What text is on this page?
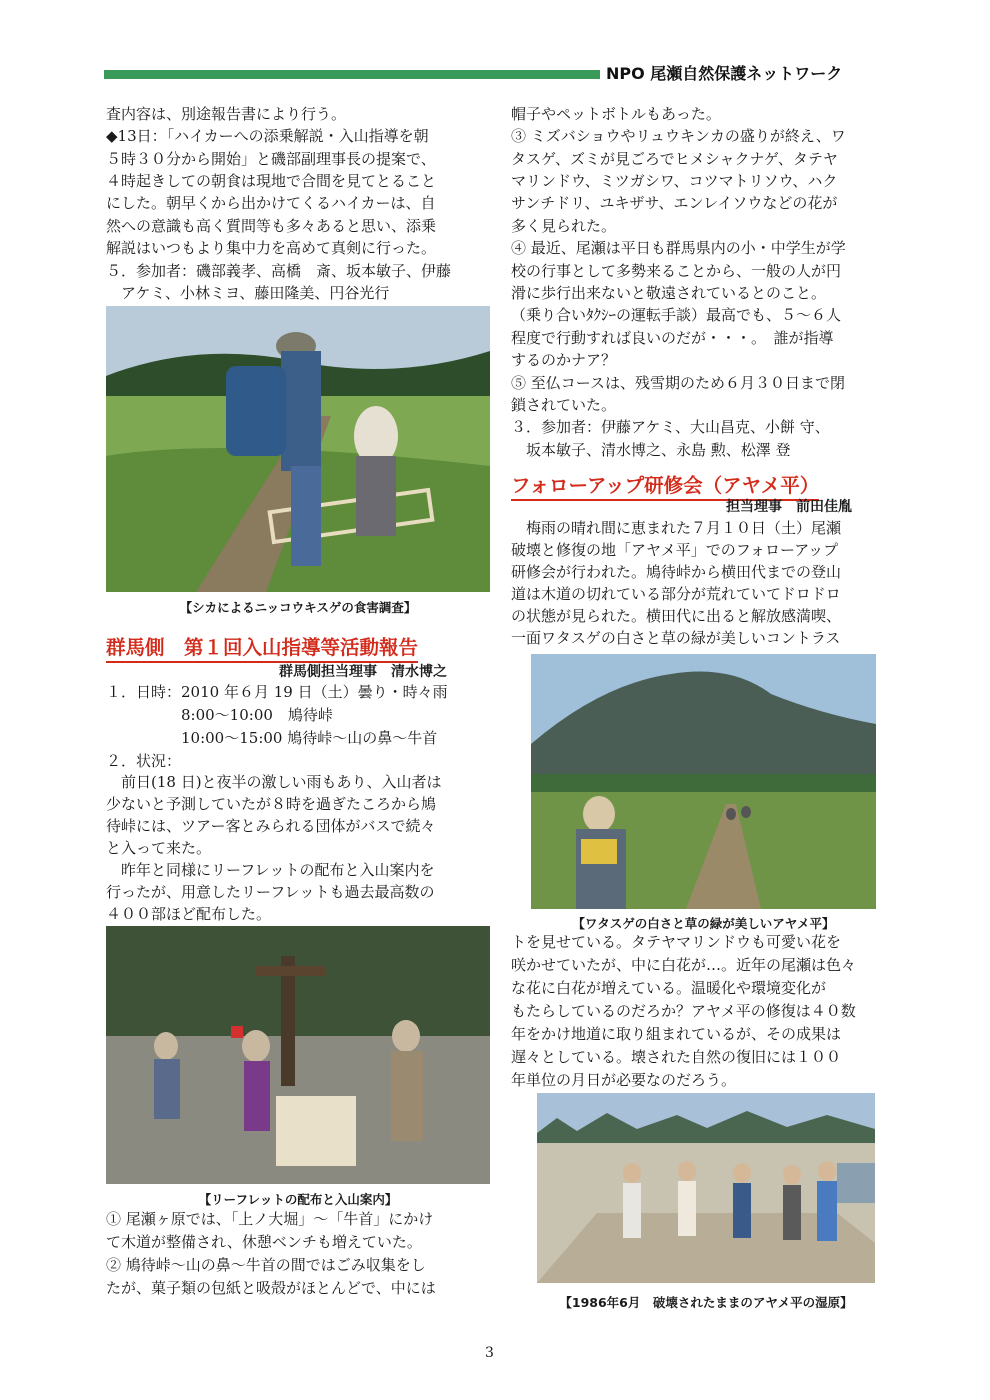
NPO 尾瀬自然保護ネットワーク
査内容は、別途報告書により行う。
◆13日：「ハイカーへの添乗解説・入山指導を朝
５時３０分から開始」と磯部副理事長の提案で、
４時起きしての朝食は現地で合間を見てとること
にした。朝早くから出かけてくるハイカーは、自
然への意識も高く質問等も多々あると思い、添乗
解説はいつもより集中力を高めて真剣に行った。
５．参加者：磯部義孝、高橋　斎、坂本敏子、伊藤
　アケミ、小林ミヨ、藤田隆美、円谷光行
【シカによるニッコウキスゲの食害調査】
群馬側　第１回入山指導等活動報告
群馬側担当理事　清水博之
１．日時：2010 年６月 19 日（土）曇り・時々雨
　　　　　8:00～10:00　鳩待峠
　　　　　10:00～15:00 鳩待峠～山の鼻～牛首
２．状況：
　前日(18 日)と夜半の激しい雨もあり、入山者は
少ないと予測していたが８時を過ぎたころから鳩
待峠には、ツアー客とみられる団体がバスで続々
と入って来た。
　昨年と同様にリーフレットの配布と入山案内を
行ったが、用意したリーフレットも過去最高数の
４００部ほど配布した。
【リーフレットの配布と入山案内】
① 尾瀬ヶ原では、「上ノ大堀」～「牛首」にかけ
て木道が整備され、休憩ベンチも増えていた。
② 鳩待峠～山の鼻～牛首の間ではごみ収集をし
たが、菓子類の包紙と吸殻がほとんどで、中には
帽子やペットボトルもあった。
③ ミズバショウやリュウキンカの盛りが終え、ワ
タスゲ、ズミが見ごろでヒメシャクナゲ、タテヤ
マリンドウ、ミツガシワ、コツマトリソウ、ハク
サンチドリ、ユキザサ、エンレイソウなどの花が
多く見られた。
④ 最近、尾瀬は平日も群馬県内の小・中学生が学
校の行事として多勢来ることから、一般の人が円
滑に歩行出来ないと敬遠されているとのこと。
（乗り合いﾀｸｼｰの運転手談）最高でも、５～６人
程度で行動すれば良いのだが・・・。　誰が指導
するのかナア？
⑤ 至仏コースは、残雪期のため６月３０日まで閉
鎖されていた。
３．参加者：伊藤アケミ、大山昌克、小餅 守、
　坂本敏子、清水博之、永島 勲、松澤 登
フォローアップ研修会（アヤメ平）
担当理事　前田佳胤
　梅雨の晴れ間に恵まれた７月１０日（土）尾瀬
破壊と修復の地「アヤメ平」でのフォローアップ
研修会が行われた。鳩待峠から横田代までの登山
道は木道の切れている部分が荒れていてドロドロ
の状態が見られた。横田代に出ると解放感満喫、
一面ワタスゲの白さと草の緑が美しいコントラス
【ワタスゲの白さと草の緑が美しいアヤメ平】
トを見せている。タテヤマリンドウも可愛い花を
咲かせていたが、中に白花が…。近年の尾瀬は色々
な花に白花が増えている。温暖化や環境変化が
もたらしているのだろか？アヤメ平の修復は４０数
年をかけ地道に取り組まれているが、その成果は
遅々としている。壊された自然の復旧には１００
年単位の月日が必要なのだろう。
【1986年6月　破壊されたままのアヤメ平の湿原】
3
